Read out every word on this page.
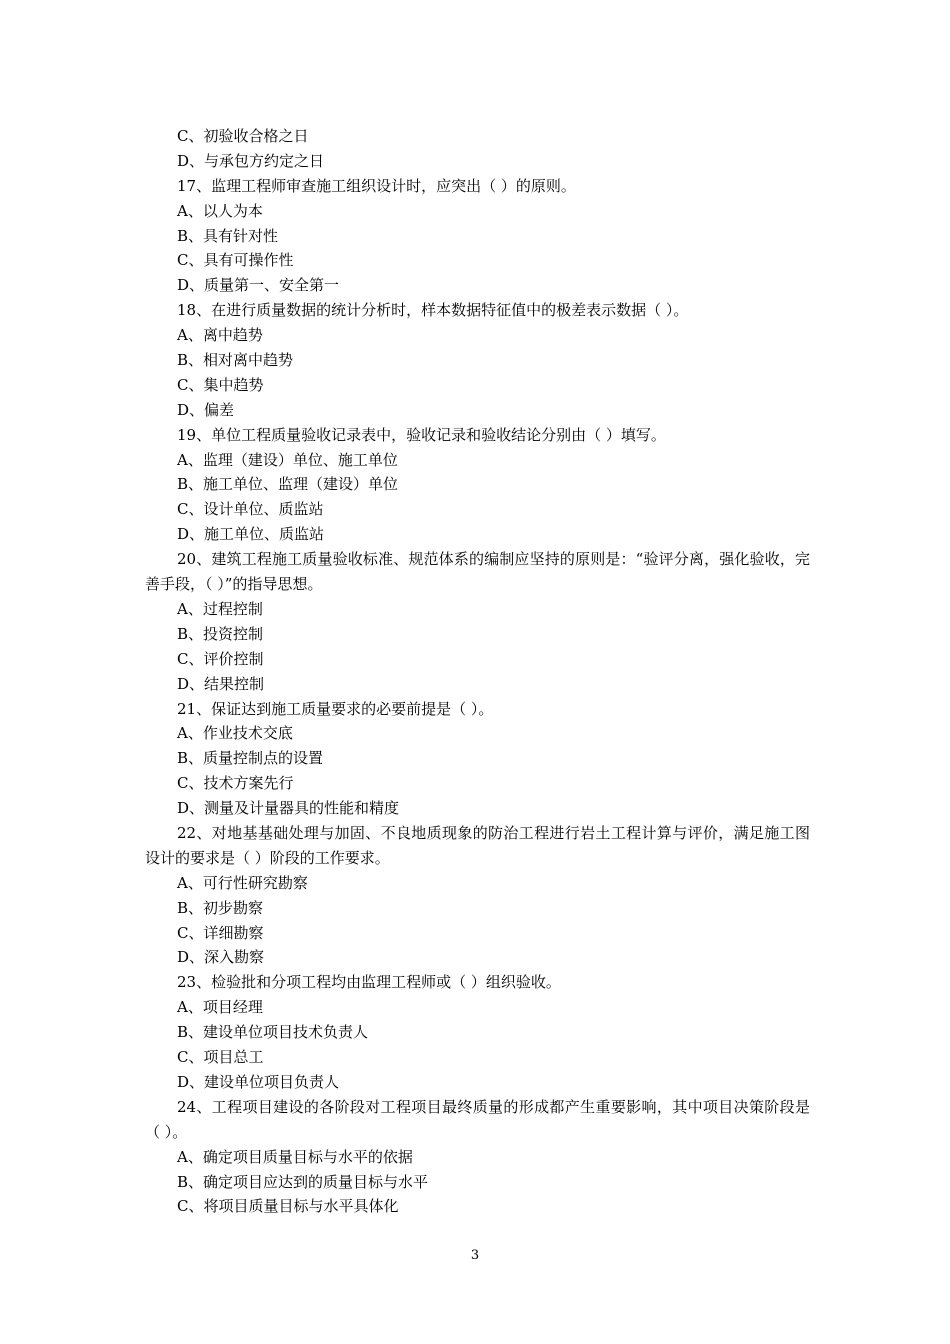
C、初验收合格之日
D、与承包方约定之日
17、监理工程师审查施工组织设计时，应突出（ ）的原则。
A、以人为本
B、具有针对性
C、具有可操作性
D、质量第一、安全第一
18、在进行质量数据的统计分析时，样本数据特征值中的极差表示数据（ ）。
A、离中趋势
B、相对离中趋势
C、集中趋势
D、偏差
19、单位工程质量验收记录表中，验收记录和验收结论分别由（ ）填写。
A、监理（建设）单位、施工单位
B、施工单位、监理（建设）单位
C、设计单位、质监站
D、施工单位、质监站
20、建筑工程施工质量验收标准、规范体系的编制应坚持的原则是：“验评分离，强化验收，完善手段，（ ）”的指导思想。
A、过程控制
B、投资控制
C、评价控制
D、结果控制
21、保证达到施工质量要求的必要前提是（ ）。
A、作业技术交底
B、质量控制点的设置
C、技术方案先行
D、测量及计量器具的性能和精度
22、对地基基础处理与加固、不良地质现象的防治工程进行岩土工程计算与评价，满足施工图设计的要求是（ ）阶段的工作要求。
A、可行性研究勘察
B、初步勘察
C、详细勘察
D、深入勘察
23、检验批和分项工程均由监理工程师或（ ）组织验收。
A、项目经理
B、建设单位项目技术负责人
C、项目总工
D、建设单位项目负责人
24、工程项目建设的各阶段对工程项目最终质量的形成都产生重要影响，其中项目决策阶段是（ ）。
A、确定项目质量目标与水平的依据
B、确定项目应达到的质量目标与水平
C、将项目质量目标与水平具体化
3
